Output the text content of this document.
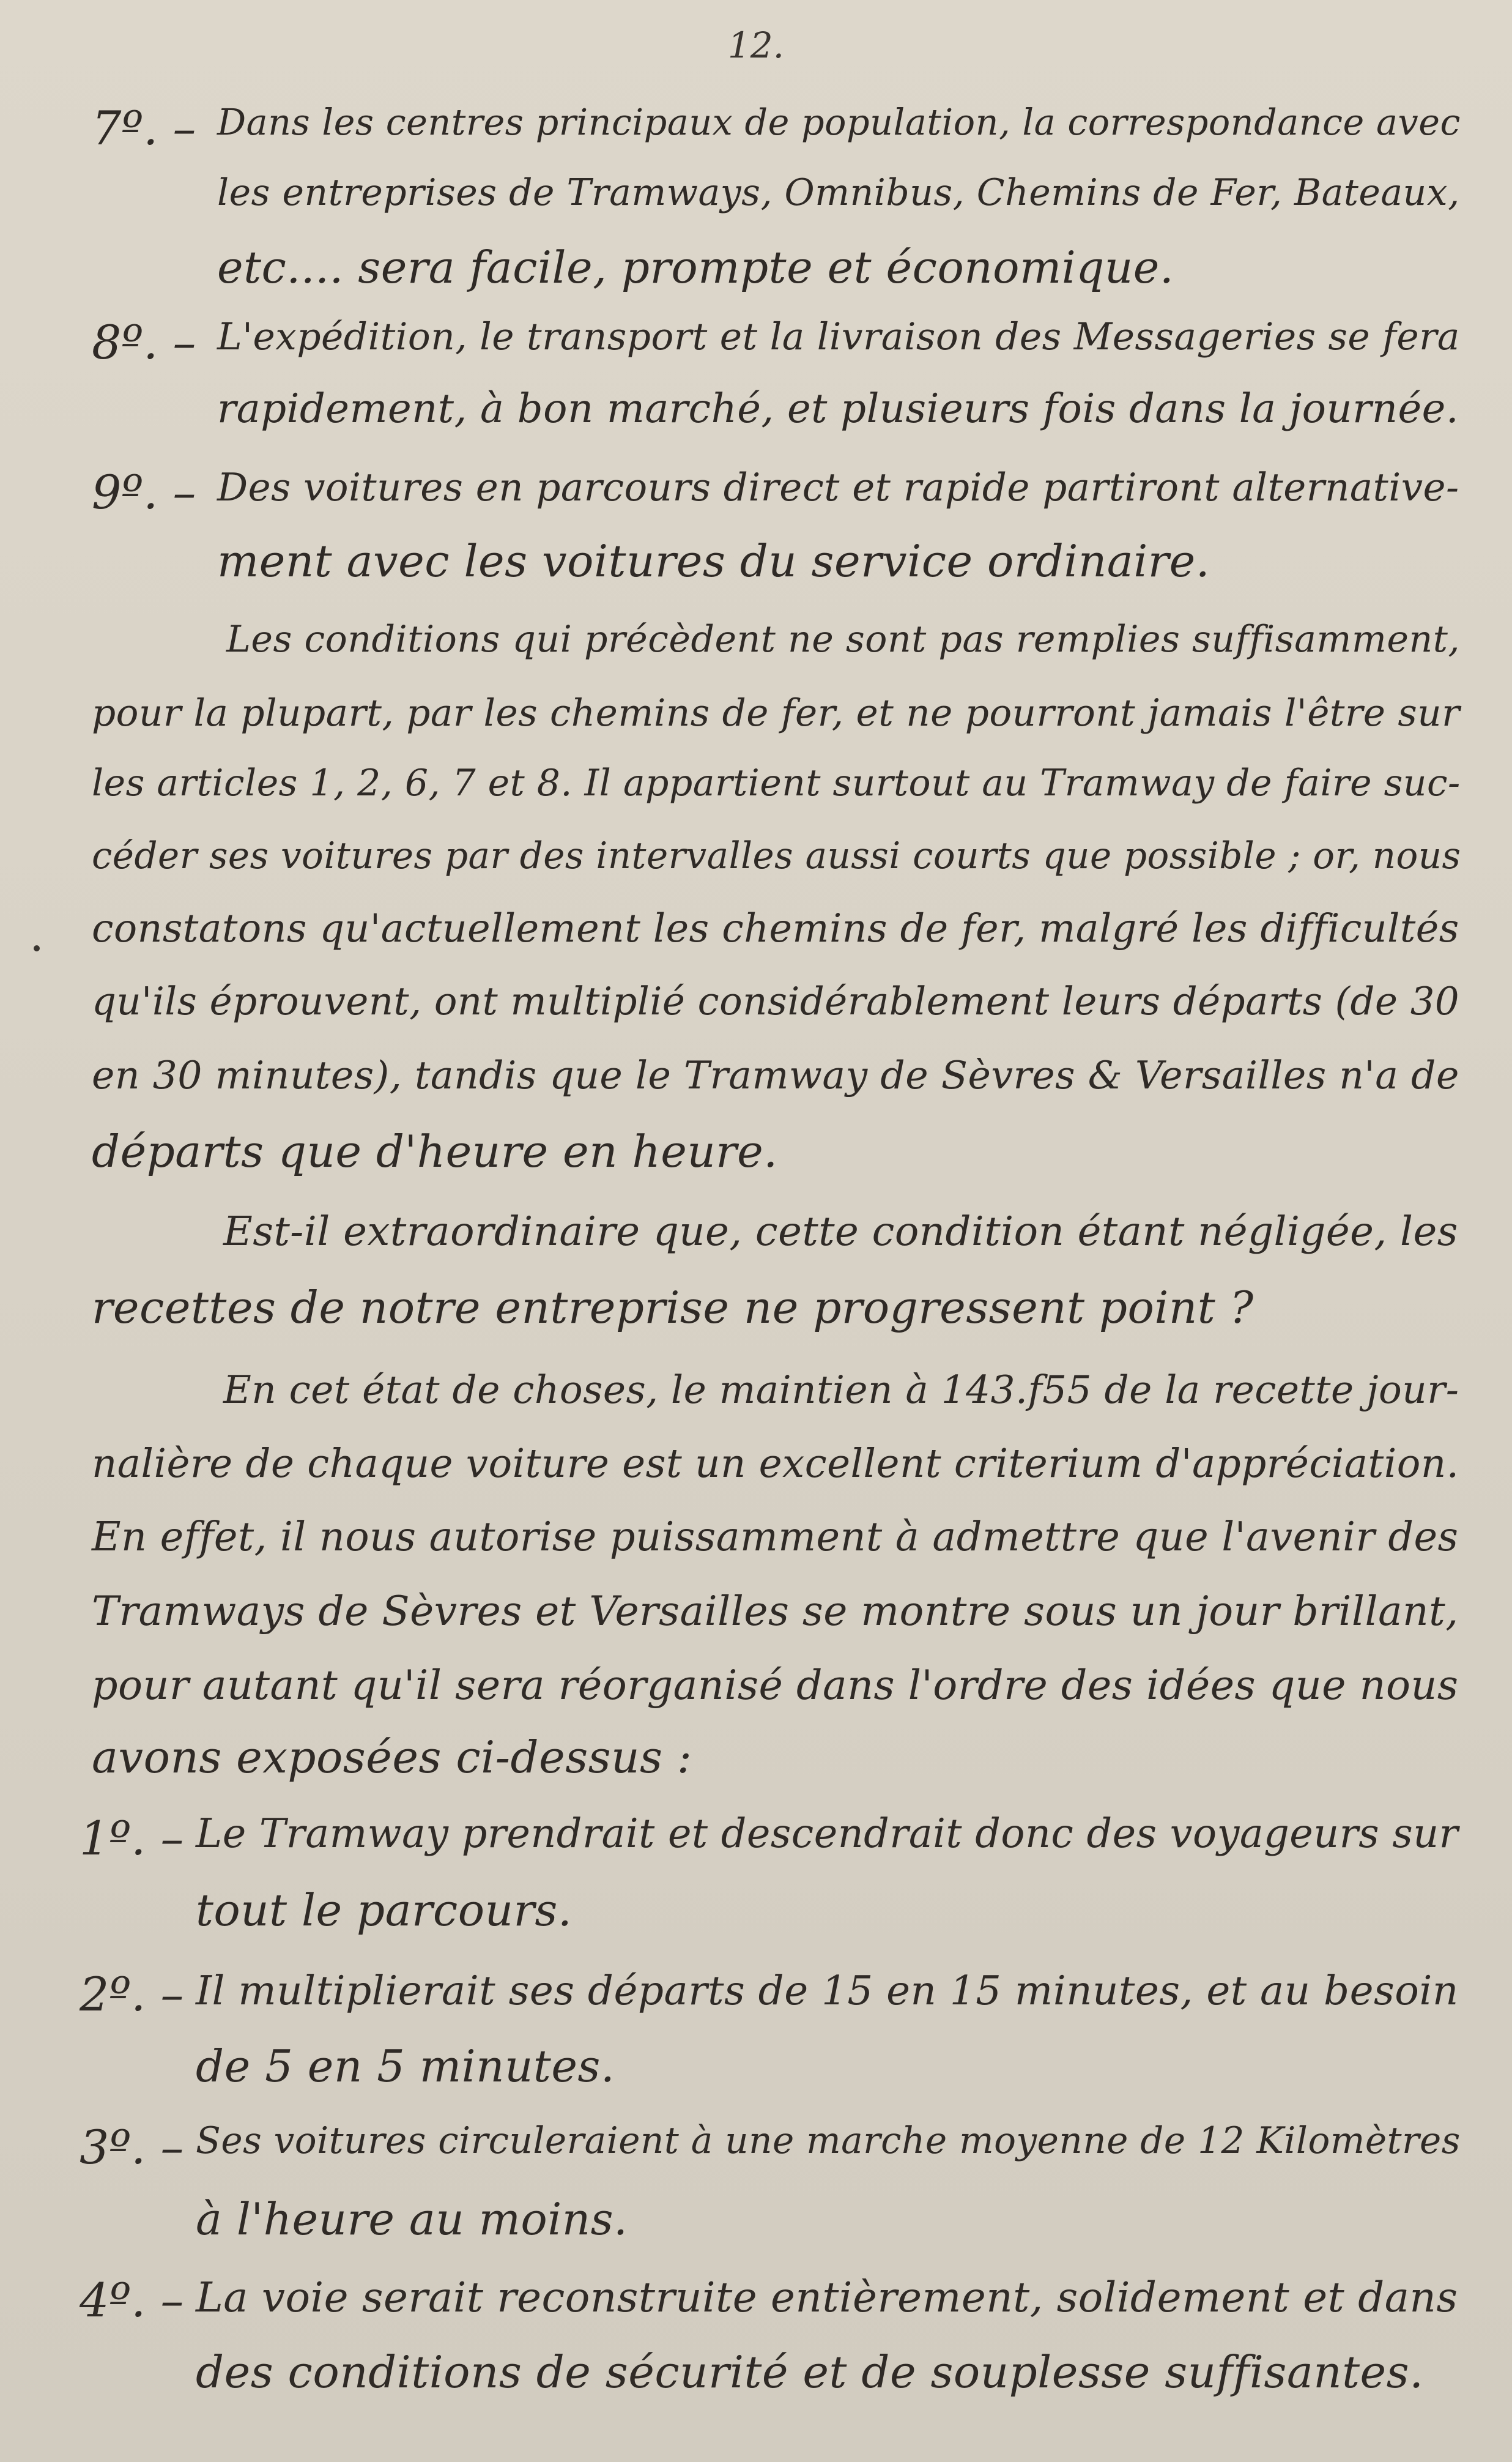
12.
7º. – Dans les centres principaux de population, la correspondance avec
les entreprises de Tramways, Omnibus, Chemins de Fer, Bateaux,
etc.... sera facile, prompte et économique.
8º. – L'expédition, le transport et la livraison des Messageries se fera
rapidement, à bon marché, et plusieurs fois dans la journée.
9º. – Des voitures en parcours direct et rapide partiront alternative-
ment avec les voitures du service ordinaire.
Les conditions qui précèdent ne sont pas remplies suffisamment,
pour la plupart, par les chemins de fer, et ne pourront jamais l'être sur
les articles 1, 2, 6, 7 et 8. Il appartient surtout au Tramway de faire suc-
céder ses voitures par des intervalles aussi courts que possible ; or, nous
constatons qu'actuellement les chemins de fer, malgré les difficultés
qu'ils éprouvent, ont multiplié considérablement leurs départs (de 30
en 30 minutes), tandis que le Tramway de Sèvres & Versailles n'a de
départs que d'heure en heure.
Est-il extraordinaire que, cette condition étant négligée, les
recettes de notre entreprise ne progressent point ?
En cet état de choses, le maintien à 143.f55 de la recette jour-
nalière de chaque voiture est un excellent criterium d'appréciation.
En effet, il nous autorise puissamment à admettre que l'avenir des
Tramways de Sèvres et Versailles se montre sous un jour brillant,
pour autant qu'il sera réorganisé dans l'ordre des idées que nous
avons exposées ci-dessus :
1º. – Le Tramway prendrait et descendrait donc des voyageurs sur
tout le parcours.
2º. – Il multiplierait ses départs de 15 en 15 minutes, et au besoin
de 5 en 5 minutes.
3º. – Ses voitures circuleraient à une marche moyenne de 12 Kilomètres
à l'heure au moins.
4º. – La voie serait reconstruite entièrement, solidement et dans
des conditions de sécurité et de souplesse suffisantes.
